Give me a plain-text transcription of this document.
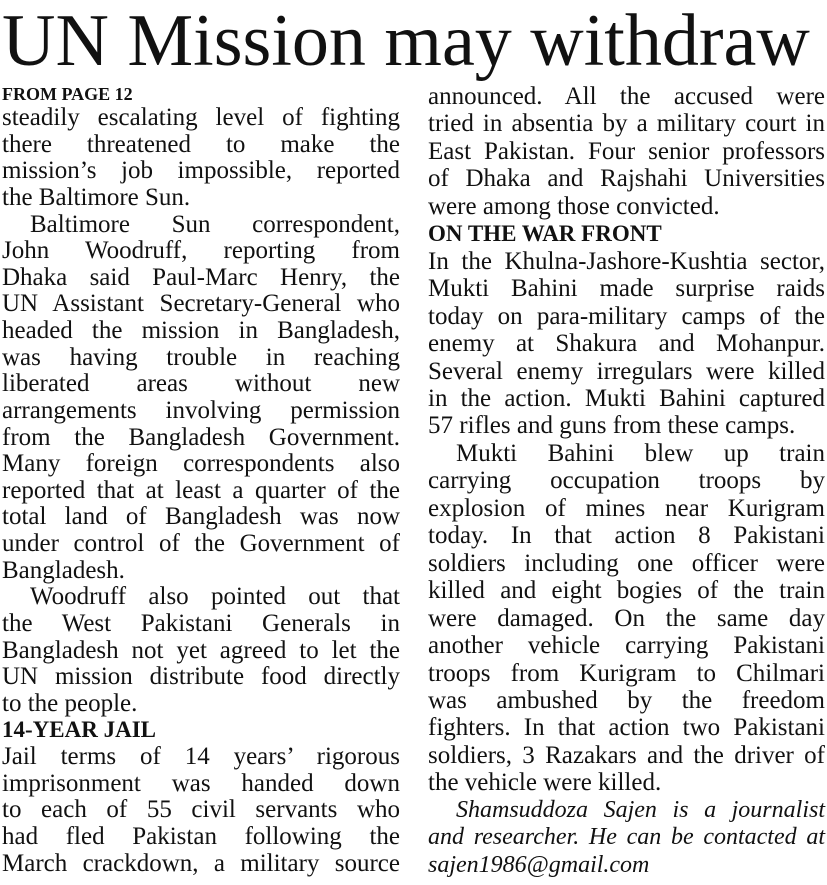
UN Mission may withdraw
FROM PAGE 12
steadily escalating level of fighting
there threatened to make the
mission’s job impossible, reported
the Baltimore Sun.
Baltimore Sun correspondent,
John Woodruff, reporting from
Dhaka said Paul-Marc Henry, the
UN Assistant Secretary-General who
headed the mission in Bangladesh,
was having trouble in reaching
liberated areas without new
arrangements involving permission
from the Bangladesh Government.
Many foreign correspondents also
reported that at least a quarter of the
total land of Bangladesh was now
under control of the Government of
Bangladesh.
Woodruff also pointed out that
the West Pakistani Generals in
Bangladesh not yet agreed to let the
UN mission distribute food directly
to the people.
14-YEAR JAIL
Jail terms of 14 years’ rigorous
imprisonment was handed down
to each of 55 civil servants who
had fled Pakistan following the
March crackdown, a military source
announced. All the accused were
tried in absentia by a military court in
East Pakistan. Four senior professors
of Dhaka and Rajshahi Universities
were among those convicted.
ON THE WAR FRONT
In the Khulna-Jashore-Kushtia sector,
Mukti Bahini made surprise raids
today on para-military camps of the
enemy at Shakura and Mohanpur.
Several enemy irregulars were killed
in the action. Mukti Bahini captured
57 rifles and guns from these camps.
Mukti Bahini blew up train
carrying occupation troops by
explosion of mines near Kurigram
today. In that action 8 Pakistani
soldiers including one officer were
killed and eight bogies of the train
were damaged. On the same day
another vehicle carrying Pakistani
troops from Kurigram to Chilmari
was ambushed by the freedom
fighters. In that action two Pakistani
soldiers, 3 Razakars and the driver of
the vehicle were killed.
Shamsuddoza Sajen is a journalist
and researcher. He can be contacted at
sajen1986@gmail.com
